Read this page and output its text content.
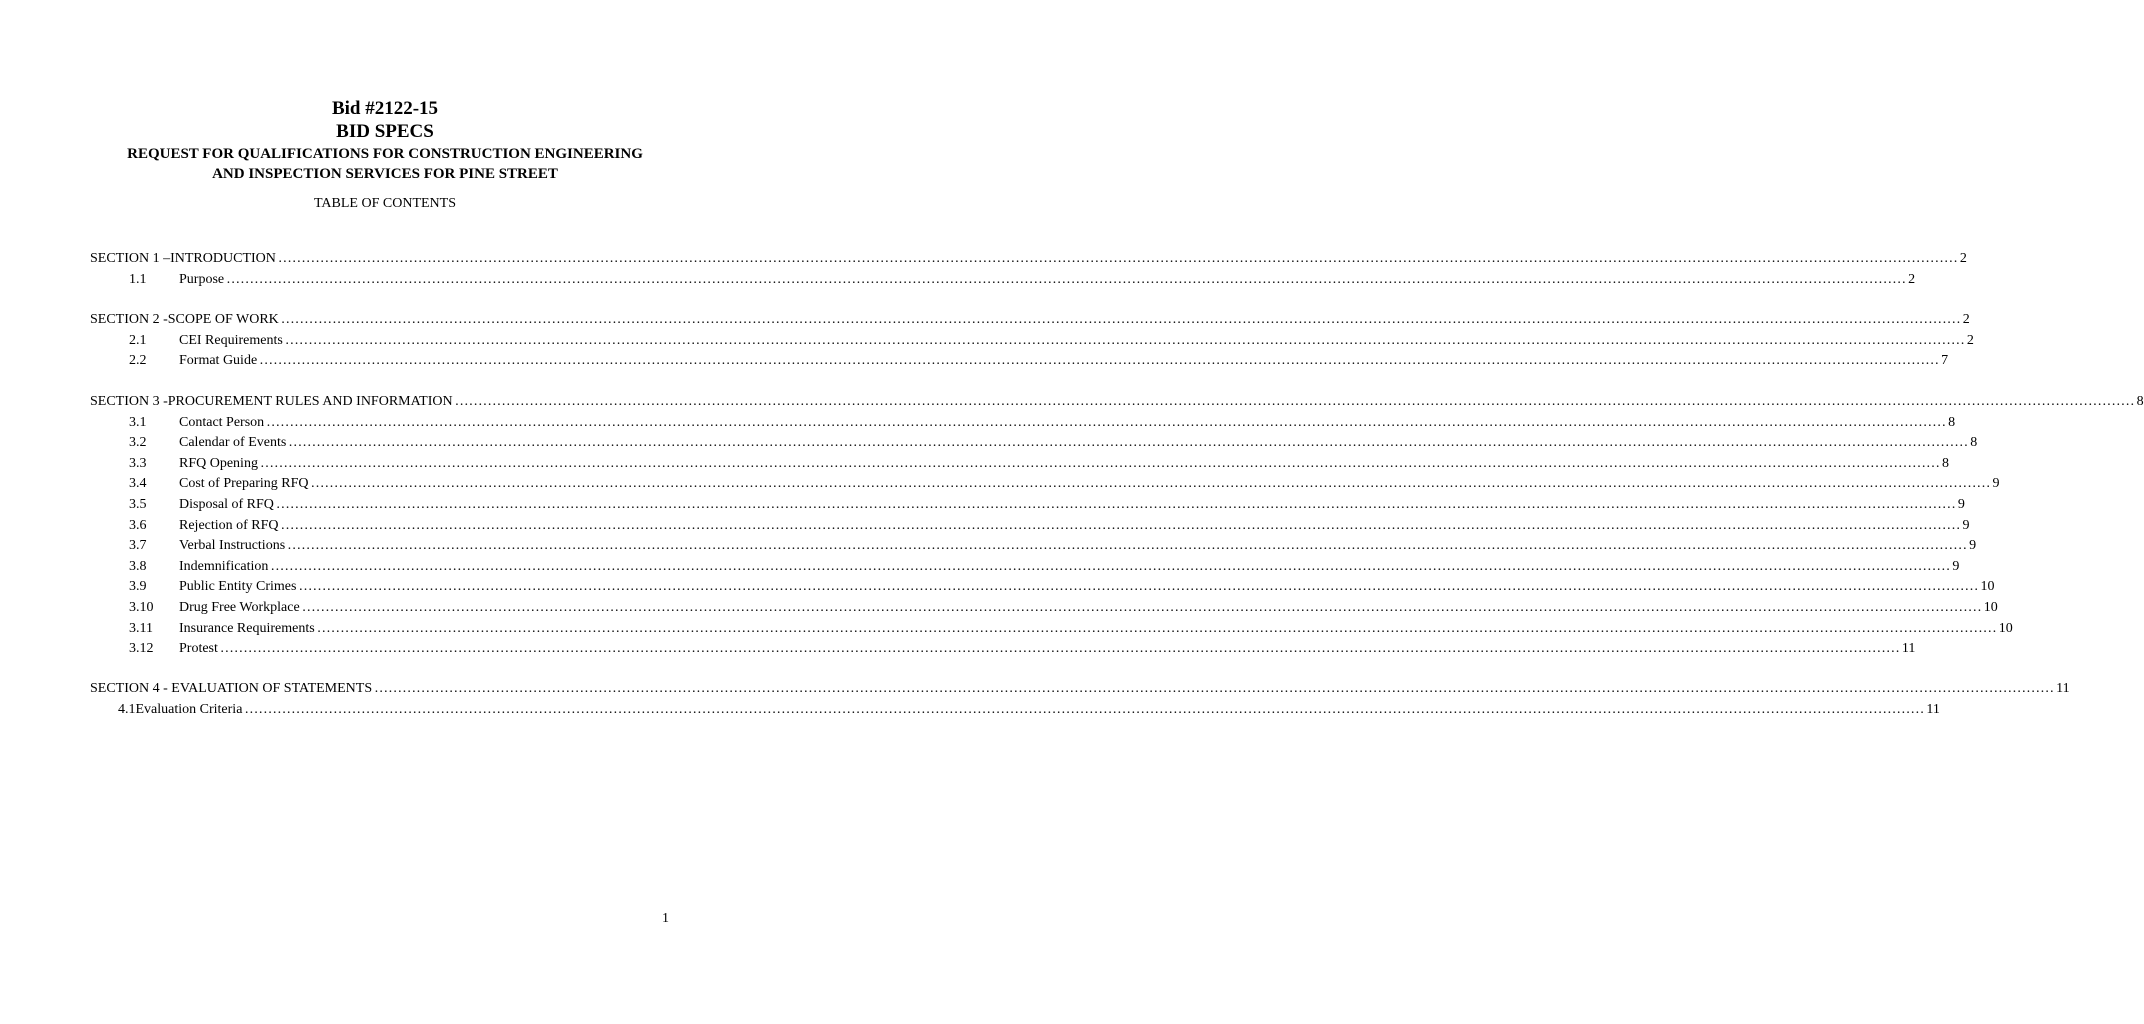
Bid #2122-15
BID SPECS
REQUEST FOR QUALIFICATIONS FOR CONSTRUCTION ENGINEERING
AND INSPECTION SERVICES FOR PINE STREET
TABLE OF CONTENTS
SECTION 1 –INTRODUCTION ……………………………………………………………………………………………………………………………………………………………………………………………………………………………………………………………………………………………………………………………… 2
1.1 Purpose ……………………………………………………………………………………………………………………………………………………………………………………………………………………………………………………………………………………………………………………………… 2
SECTION 2 -SCOPE OF WORK ……………………………………………………………………………………………………………………………………………………………………………………………………………………………………………………………………………………………………………………………… 2
2.1 CEI Requirements ……………………………………………………………………………………………………………………………………………………………………………………………………………………………………………………………………………………………………………………………… 2
2.2 Format Guide ……………………………………………………………………………………………………………………………………………………………………………………………………………………………………………………………………………………………………………………………… 7
SECTION 3 -PROCUREMENT RULES AND INFORMATION ……………………………………………………………………………………………………………………………………………………………………………………………………………………………………………………………………………………………………………………………… 8
3.1 Contact Person ……………………………………………………………………………………………………………………………………………………………………………………………………………………………………………………………………………………………………………………………… 8
3.2 Calendar of Events ……………………………………………………………………………………………………………………………………………………………………………………………………………………………………………………………………………………………………………………………… 8
3.3 RFQ Opening ……………………………………………………………………………………………………………………………………………………………………………………………………………………………………………………………………………………………………………………………… 8
3.4 Cost of Preparing RFQ ……………………………………………………………………………………………………………………………………………………………………………………………………………………………………………………………………………………………………………………………… 9
3.5 Disposal of RFQ ……………………………………………………………………………………………………………………………………………………………………………………………………………………………………………………………………………………………………………………………… 9
3.6 Rejection of RFQ ……………………………………………………………………………………………………………………………………………………………………………………………………………………………………………………………………………………………………………………………… 9
3.7 Verbal Instructions ……………………………………………………………………………………………………………………………………………………………………………………………………………………………………………………………………………………………………………………………… 9
3.8 Indemnification ……………………………………………………………………………………………………………………………………………………………………………………………………………………………………………………………………………………………………………………………… 9
3.9 Public Entity Crimes ……………………………………………………………………………………………………………………………………………………………………………………………………………………………………………………………………………………………………………………………… 10
3.10 Drug Free Workplace ……………………………………………………………………………………………………………………………………………………………………………………………………………………………………………………………………………………………………………………………… 10
3.11 Insurance Requirements ……………………………………………………………………………………………………………………………………………………………………………………………………………………………………………………………………………………………………………………………… 10
3.12 Protest ……………………………………………………………………………………………………………………………………………………………………………………………………………………………………………………………………………………………………………………………… 11
SECTION 4 - EVALUATION OF STATEMENTS ……………………………………………………………………………………………………………………………………………………………………………………………………………………………………………………………………………………………………………………………… 11
4.1Evaluation Criteria ……………………………………………………………………………………………………………………………………………………………………………………………………………………………………………………………………………………………………………………………… 11
1
